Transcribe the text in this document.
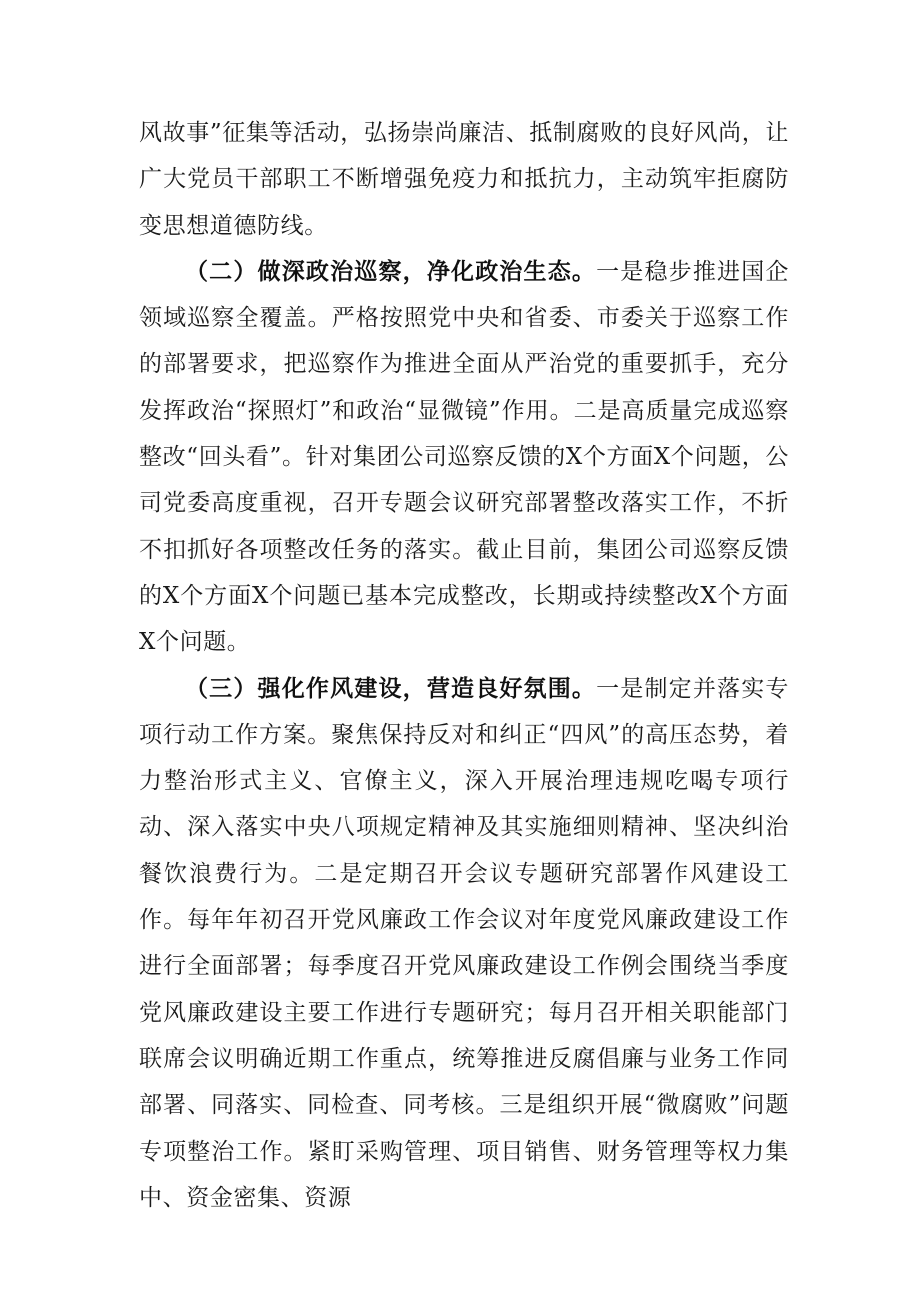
风故事”征集等活动，弘扬崇尚廉洁、抵制腐败的良好风尚，让广大党员干部职工不断增强免疫力和抵抗力，主动筑牢拒腐防变思想道德防线。

（二）做深政治巡察，净化政治生态。一是稳步推进国企领域巡察全覆盖。严格按照党中央和省委、市委关于巡察工作的部署要求，把巡察作为推进全面从严治党的重要抓手，充分发挥政治“探照灯”和政治“显微镜”作用。二是高质量完成巡察整改“回头看”。针对集团公司巡察反馈的X个方面X个问题，公司党委高度重视，召开专题会议研究部署整改落实工作，不折不扣抓好各项整改任务的落实。截止目前，集团公司巡察反馈的X个方面X个问题已基本完成整改，长期或持续整改X个方面X个问题。

（三）强化作风建设，营造良好氛围。一是制定并落实专项行动工作方案。聚焦保持反对和纠正“四风”的高压态势，着力整治形式主义、官僚主义，深入开展治理违规吃喝专项行动、深入落实中央八项规定精神及其实施细则精神、坚决纠治餐饮浪费行为。二是定期召开会议专题研究部署作风建设工作。每年年初召开党风廉政工作会议对年度党风廉政建设工作进行全面部署；每季度召开党风廉政建设工作例会围绕当季度党风廉政建设主要工作进行专题研究；每月召开相关职能部门联席会议明确近期工作重点，统筹推进反腐倡廉与业务工作同部署、同落实、同检查、同考核。三是组织开展“微腐败”问题专项整治工作。紧盯采购管理、项目销售、财务管理等权力集中、资金密集、资源
